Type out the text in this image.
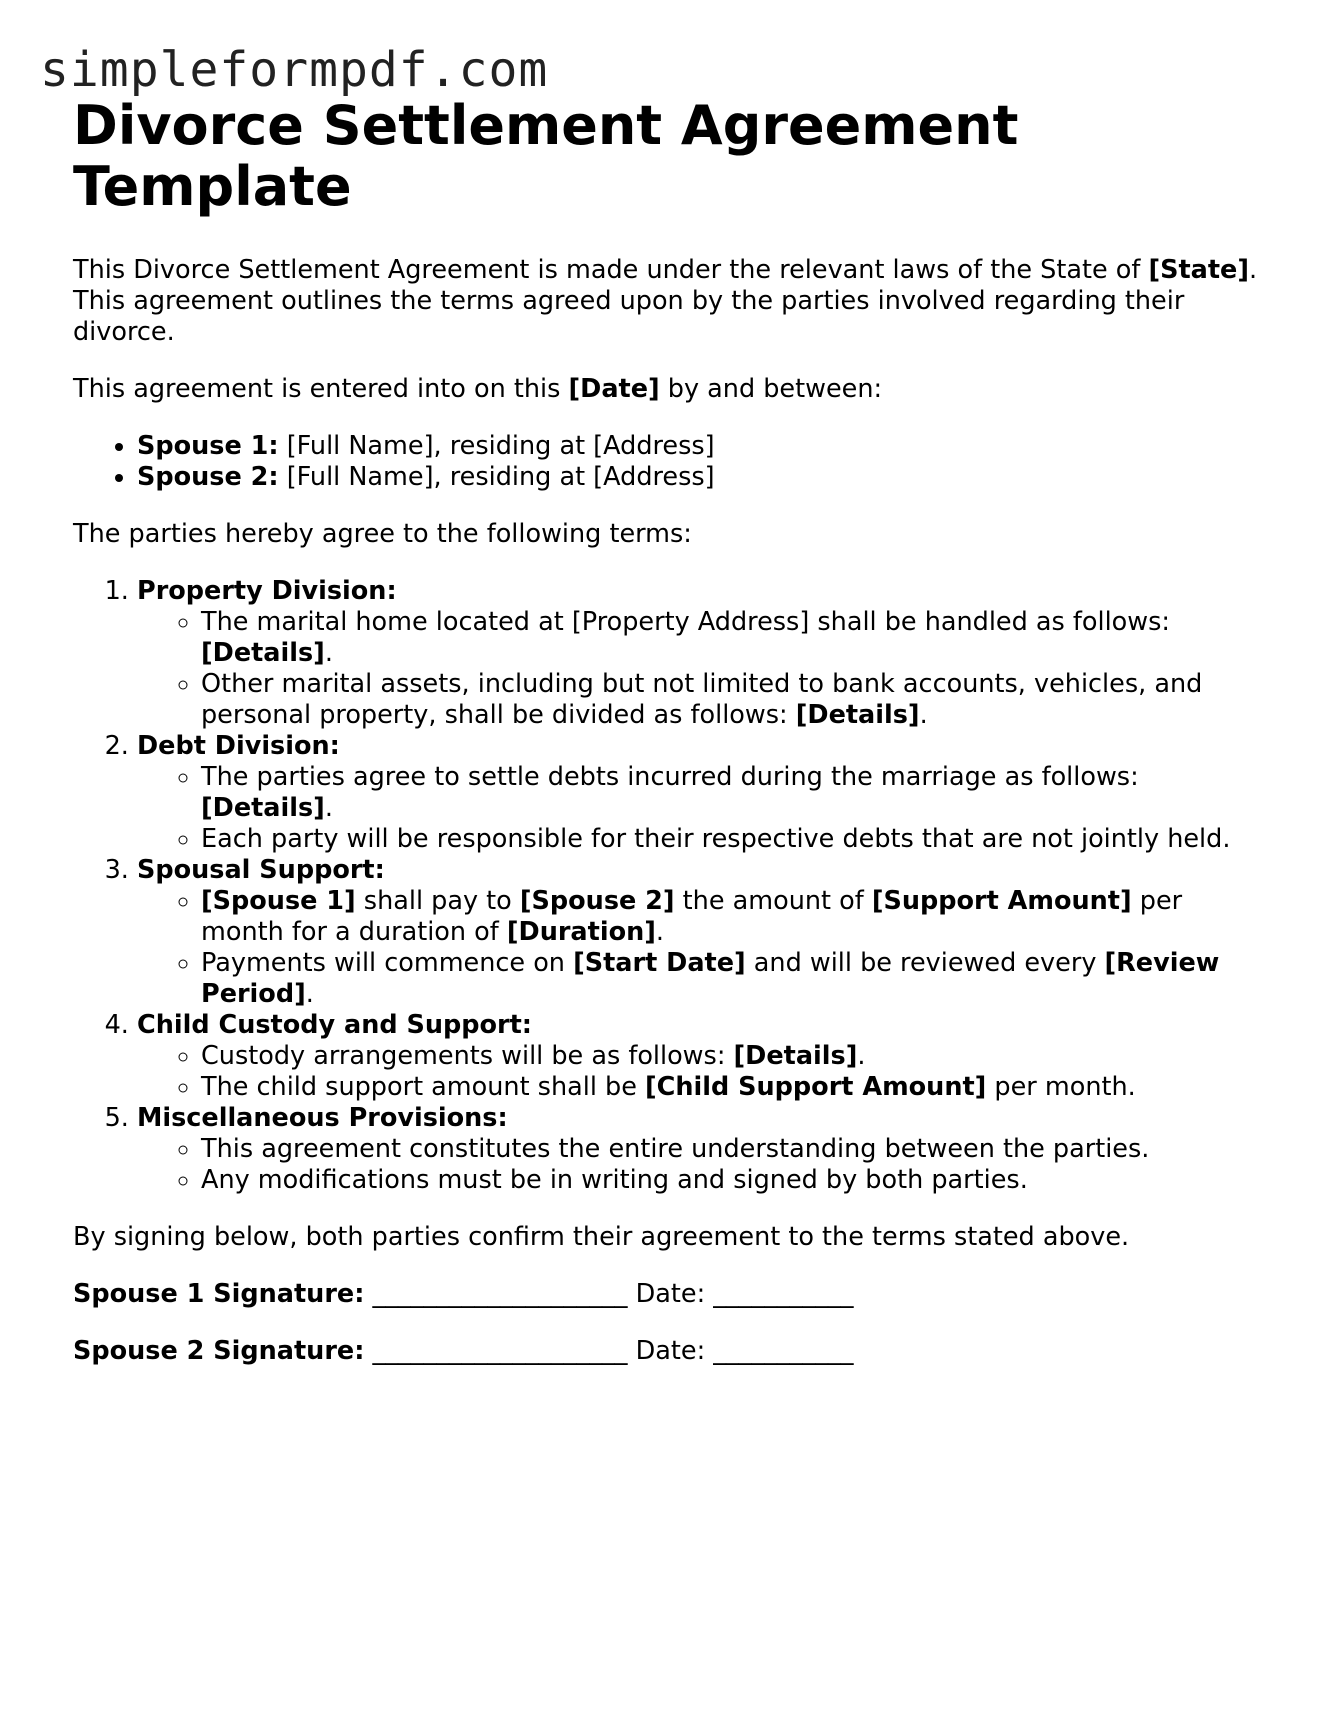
simpleformpdf.com
Divorce Settlement Agreement Template

This Divorce Settlement Agreement is made under the relevant laws of the State of [State]. This agreement outlines the terms agreed upon by the parties involved regarding their divorce.

This agreement is entered into on this [Date] by and between:

• Spouse 1: [Full Name], residing at [Address]
• Spouse 2: [Full Name], residing at [Address]

The parties hereby agree to the following terms:

1. Property Division:
◦ The marital home located at [Property Address] shall be handled as follows: [Details].
◦ Other marital assets, including but not limited to bank accounts, vehicles, and personal property, shall be divided as follows: [Details].
2. Debt Division:
◦ The parties agree to settle debts incurred during the marriage as follows: [Details].
◦ Each party will be responsible for their respective debts that are not jointly held.
3. Spousal Support:
◦ [Spouse 1] shall pay to [Spouse 2] the amount of [Support Amount] per month for a duration of [Duration].
◦ Payments will commence on [Start Date] and will be reviewed every [Review Period].
4. Child Custody and Support:
◦ Custody arrangements will be as follows: [Details].
◦ The child support amount shall be [Child Support Amount] per month.
5. Miscellaneous Provisions:
◦ This agreement constitutes the entire understanding between the parties.
◦ Any modifications must be in writing and signed by both parties.

By signing below, both parties confirm their agreement to the terms stated above.

Spouse 1 Signature: ____________________ Date: ___________

Spouse 2 Signature: ____________________ Date: ___________
